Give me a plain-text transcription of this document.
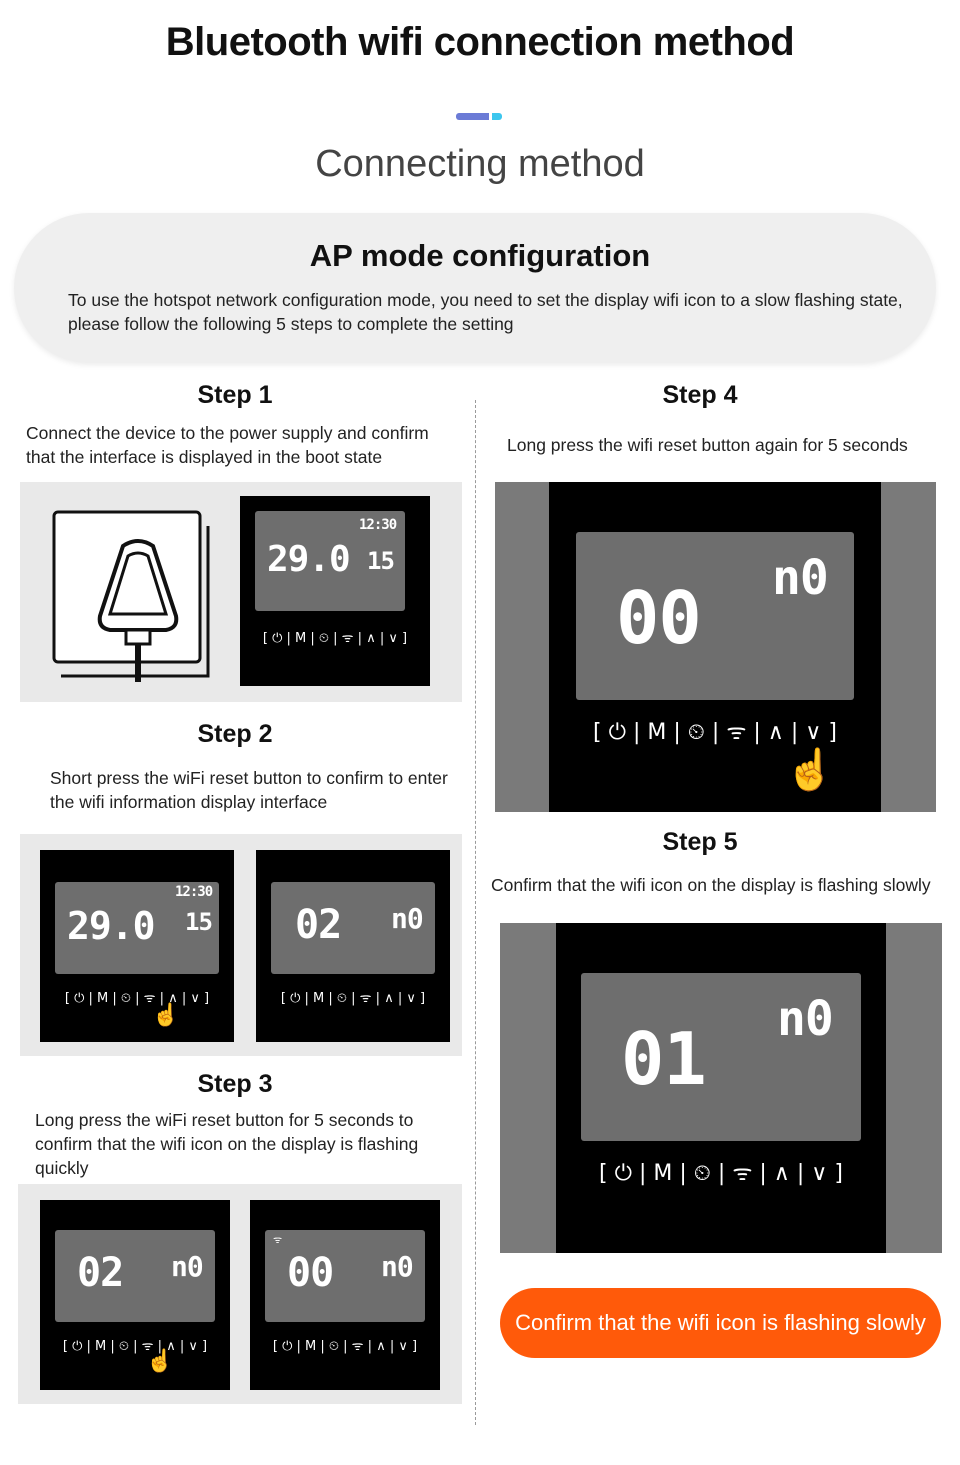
Bluetooth wifi connection method
Connecting method
AP mode configuration
To use the hotspot network configuration mode, you need to set the display wifi icon to a slow flashing state, please follow the following 5 steps to complete the setting
Step 1
Connect the device to the power supply and confirm that the interface is displayed in the boot state
29.0
12:30
15
[ ⏻ | M | ⏲ | ᯤ | ∧ | ∨ ]
Step 2
Short press the wiFi reset button to confirm to enter the wifi information display interface
29.0
12:30
15
[ ⏻ | M | ⏲ | ᯤ | ∧ | ∨ ]
☝
02 n0
[ ⏻ | M | ⏲ | ᯤ | ∧ | ∨ ]
Step 3
Long press the wiFi reset button for 5 seconds to confirm that the wifi icon on the display is flashing quickly
02 n0
[ ⏻ | M | ⏲ | ᯤ | ∧ | ∨ ]
☝
ᯤ
00 n0
[ ⏻ | M | ⏲ | ᯤ | ∧ | ∨ ]
Step 4
Long press the wifi reset button again for 5 seconds
00 n0
[ ⏻ | M | ⏲ | ᯤ | ∧ | ∨ ]
☝
Step 5
Confirm that the wifi icon on the display is flashing slowly
01 n0
[ ⏻ | M | ⏲ | ᯤ | ∧ | ∨ ]
Confirm that the wifi icon is flashing slowly
